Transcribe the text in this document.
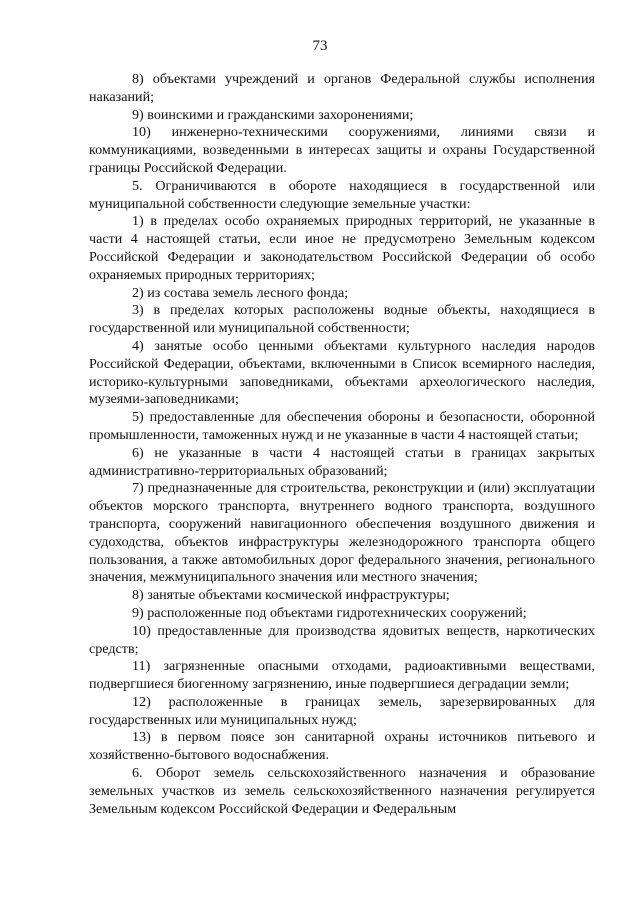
73

8) объектами учреждений и органов Федеральной службы исполнения наказаний;

9) воинскими и гражданскими захоронениями;

10) инженерно-техническими сооружениями, линиями связи и коммуникациями, возведенными в интересах защиты и охраны Государственной границы Российской Федерации.

5. Ограничиваются в обороте находящиеся в государственной или муниципальной собственности следующие земельные участки:

1) в пределах особо охраняемых природных территорий, не указанные в части 4 настоящей статьи, если иное не предусмотрено Земельным кодексом Российской Федерации и законодательством Российской Федерации об особо охраняемых природных территориях;

2) из состава земель лесного фонда;

3) в пределах которых расположены водные объекты, находящиеся в государственной или муниципальной собственности;

4) занятые особо ценными объектами культурного наследия народов Российской Федерации, объектами, включенными в Список всемирного наследия, историко-культурными заповедниками, объектами археологического наследия, музеями-заповедниками;

5) предоставленные для обеспечения обороны и безопасности, оборонной промышленности, таможенных нужд и не указанные в части 4 настоящей статьи;

6) не указанные в части 4 настоящей статьи в границах закрытых административно-территориальных образований;

7) предназначенные для строительства, реконструкции и (или) эксплуатации объектов морского транспорта, внутреннего водного транспорта, воздушного транспорта, сооружений навигационного обеспечения воздушного движения и судоходства, объектов инфраструктуры железнодорожного транспорта общего пользования, а также автомобильных дорог федерального значения, регионального значения, межмуниципального значения или местного значения;

8) занятые объектами космической инфраструктуры;

9) расположенные под объектами гидротехнических сооружений;

10) предоставленные для производства ядовитых веществ, наркотических средств;

11) загрязненные опасными отходами, радиоактивными веществами, подвергшиеся биогенному загрязнению, иные подвергшиеся деградации земли;

12) расположенные в границах земель, зарезервированных для государственных или муниципальных нужд;

13) в первом поясе зон санитарной охраны источников питьевого и хозяйственно-бытового водоснабжения.

6. Оборот земель сельскохозяйственного назначения и образование земельных участков из земель сельскохозяйственного назначения регулируется Земельным кодексом Российской Федерации и Федеральным
